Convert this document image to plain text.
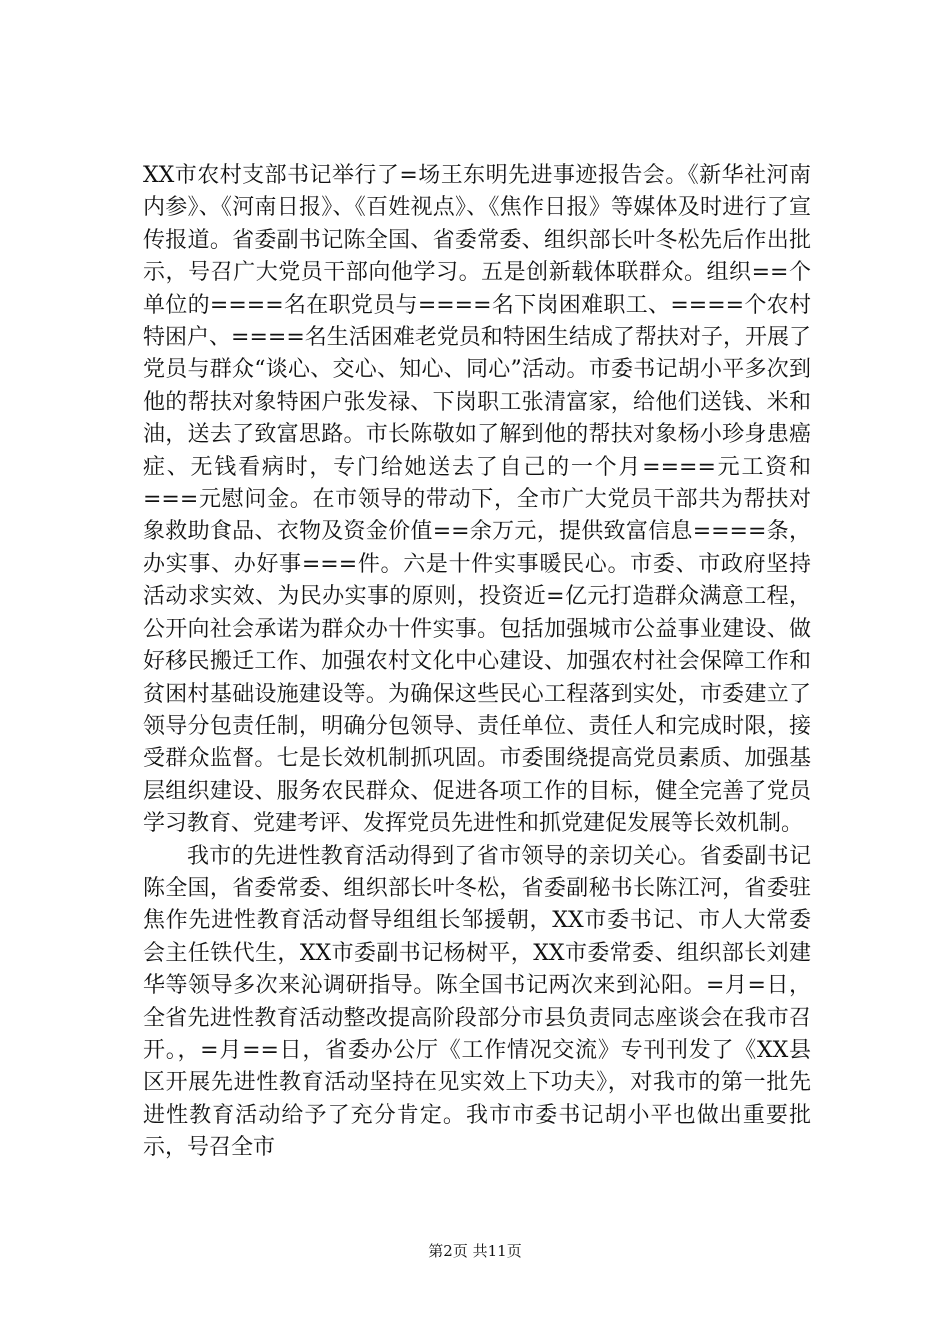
XX市农村支部书记举行了=场王东明先进事迹报告会。《新华社河南内参》、《河南日报》、《百姓视点》、《焦作日报》等媒体及时进行了宣传报道。省委副书记陈全国、省委常委、组织部长叶冬松先后作出批示，号召广大党员干部向他学习。五是创新载体联群众。组织==个单位的====名在职党员与====名下岗困难职工、====个农村特困户、====名生活困难老党员和特困生结成了帮扶对子，开展了党员与群众“谈心、交心、知心、同心”活动。市委书记胡小平多次到他的帮扶对象特困户张发禄、下岗职工张清富家，给他们送钱、米和油，送去了致富思路。市长陈敬如了解到他的帮扶对象杨小珍身患癌症、无钱看病时，专门给她送去了自己的一个月====元工资和===元慰问金。在市领导的带动下，全市广大党员干部共为帮扶对象救助食品、衣物及资金价值==余万元，提供致富信息====条，办实事、办好事===件。六是十件实事暖民心。市委、市政府坚持活动求实效、为民办实事的原则，投资近=亿元打造群众满意工程，公开向社会承诺为群众办十件实事。包括加强城市公益事业建设、做好移民搬迁工作、加强农村文化中心建设、加强农村社会保障工作和贫困村基础设施建设等。为确保这些民心工程落到实处，市委建立了领导分包责任制，明确分包领导、责任单位、责任人和完成时限，接受群众监督。七是长效机制抓巩固。市委围绕提高党员素质、加强基层组织建设、服务农民群众、促进各项工作的目标，健全完善了党员学习教育、党建考评、发挥党员先进性和抓党建促发展等长效机制。

我市的先进性教育活动得到了省市领导的亲切关心。省委副书记陈全国，省委常委、组织部长叶冬松，省委副秘书长陈江河，省委驻焦作先进性教育活动督导组组长邹援朝，XX市委书记、市人大常委会主任铁代生，XX市委副书记杨树平，XX市委常委、组织部长刘建华等领导多次来沁调研指导。陈全国书记两次来到沁阳。=月=日，全省先进性教育活动整改提高阶段部分市县负责同志座谈会在我市召开。，=月==日，省委办公厅《工作情况交流》专刊刊发了《XX县区开展先进性教育活动坚持在见实效上下功夫》，对我市的第一批先进性教育活动给予了充分肯定。我市市委书记胡小平也做出重要批示，号召全市

第2页 共11页
